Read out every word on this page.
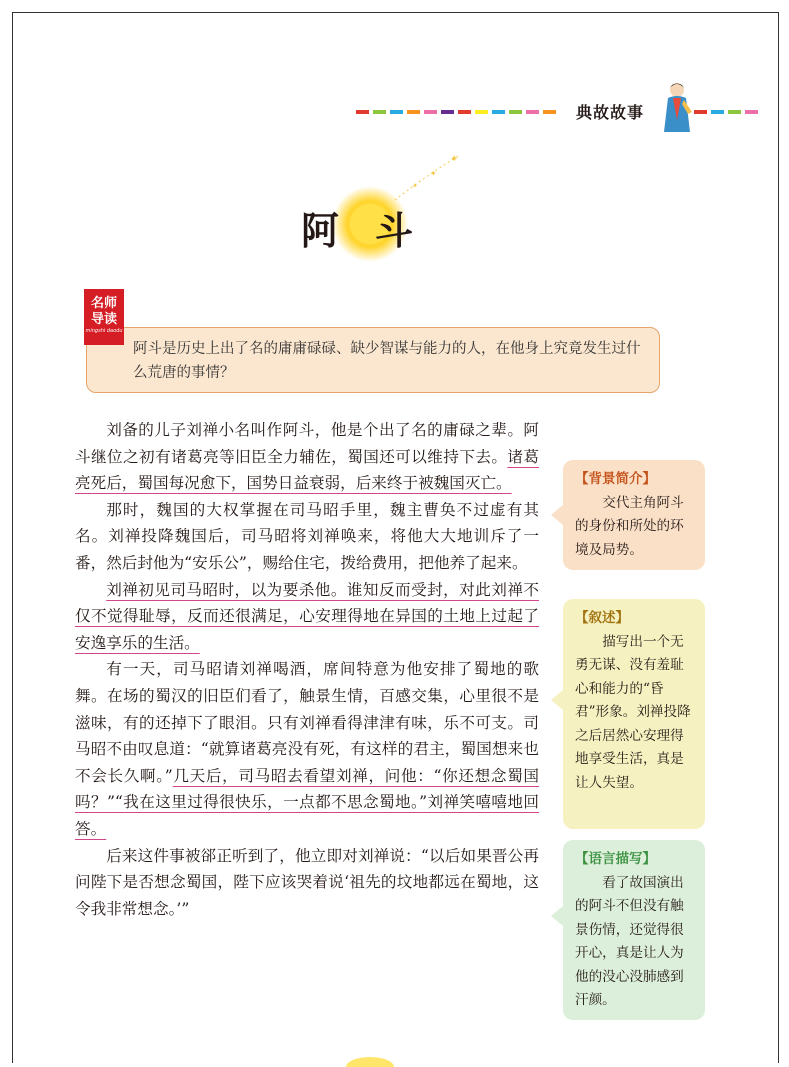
典故故事
✦
✦
✦
阿斗
阿斗是历史上出了名的庸庸碌碌、缺少智谋与能力的人，在他身上究竟发生过什么荒唐的事情？
名师
导读
mingshi daodu

刘备的儿子刘禅小名叫作阿斗，他是个出了名的庸碌之辈。阿斗继位之初有诸葛亮等旧臣全力辅佐，蜀国还可以维持下去。诸葛亮死后，蜀国每况愈下，国势日益衰弱，后来终于被魏国灭亡。

那时，魏国的大权掌握在司马昭手里，魏主曹奂不过虚有其名。刘禅投降魏国后，司马昭将刘禅唤来，将他大大地训斥了一番，然后封他为“安乐公”，赐给住宅，拨给费用，把他养了起来。

刘禅初见司马昭时，以为要杀他。谁知反而受封，对此刘禅不仅不觉得耻辱，反而还很满足，心安理得地在异国的土地上过起了安逸享乐的生活。

有一天，司马昭请刘禅喝酒，席间特意为他安排了蜀地的歌舞。在场的蜀汉的旧臣们看了，触景生情，百感交集，心里很不是滋味，有的还掉下了眼泪。只有刘禅看得津津有味，乐不可支。司马昭不由叹息道：“就算诸葛亮没有死，有这样的君主，蜀国想来也不会长久啊。”几天后，司马昭去看望刘禅，问他：“你还想念蜀国吗？”“我在这里过得很快乐，一点都不思念蜀地。”刘禅笑嘻嘻地回答。

后来这件事被郤正听到了，他立即对刘禅说：“以后如果晋公再问陛下是否想念蜀国，陛下应该哭着说‘祖先的坟地都远在蜀地，这令我非常想念。’”

【背景简介】
交代主角阿斗的身份和所处的环境及局势。
【叙述】
描写出一个无勇无谋、没有羞耻心和能力的“昏君”形象。刘禅投降之后居然心安理得地享受生活，真是让人失望。
【语言描写】
看了故国演出的阿斗不但没有触景伤情，还觉得很开心，真是让人为他的没心没肺感到汗颜。
